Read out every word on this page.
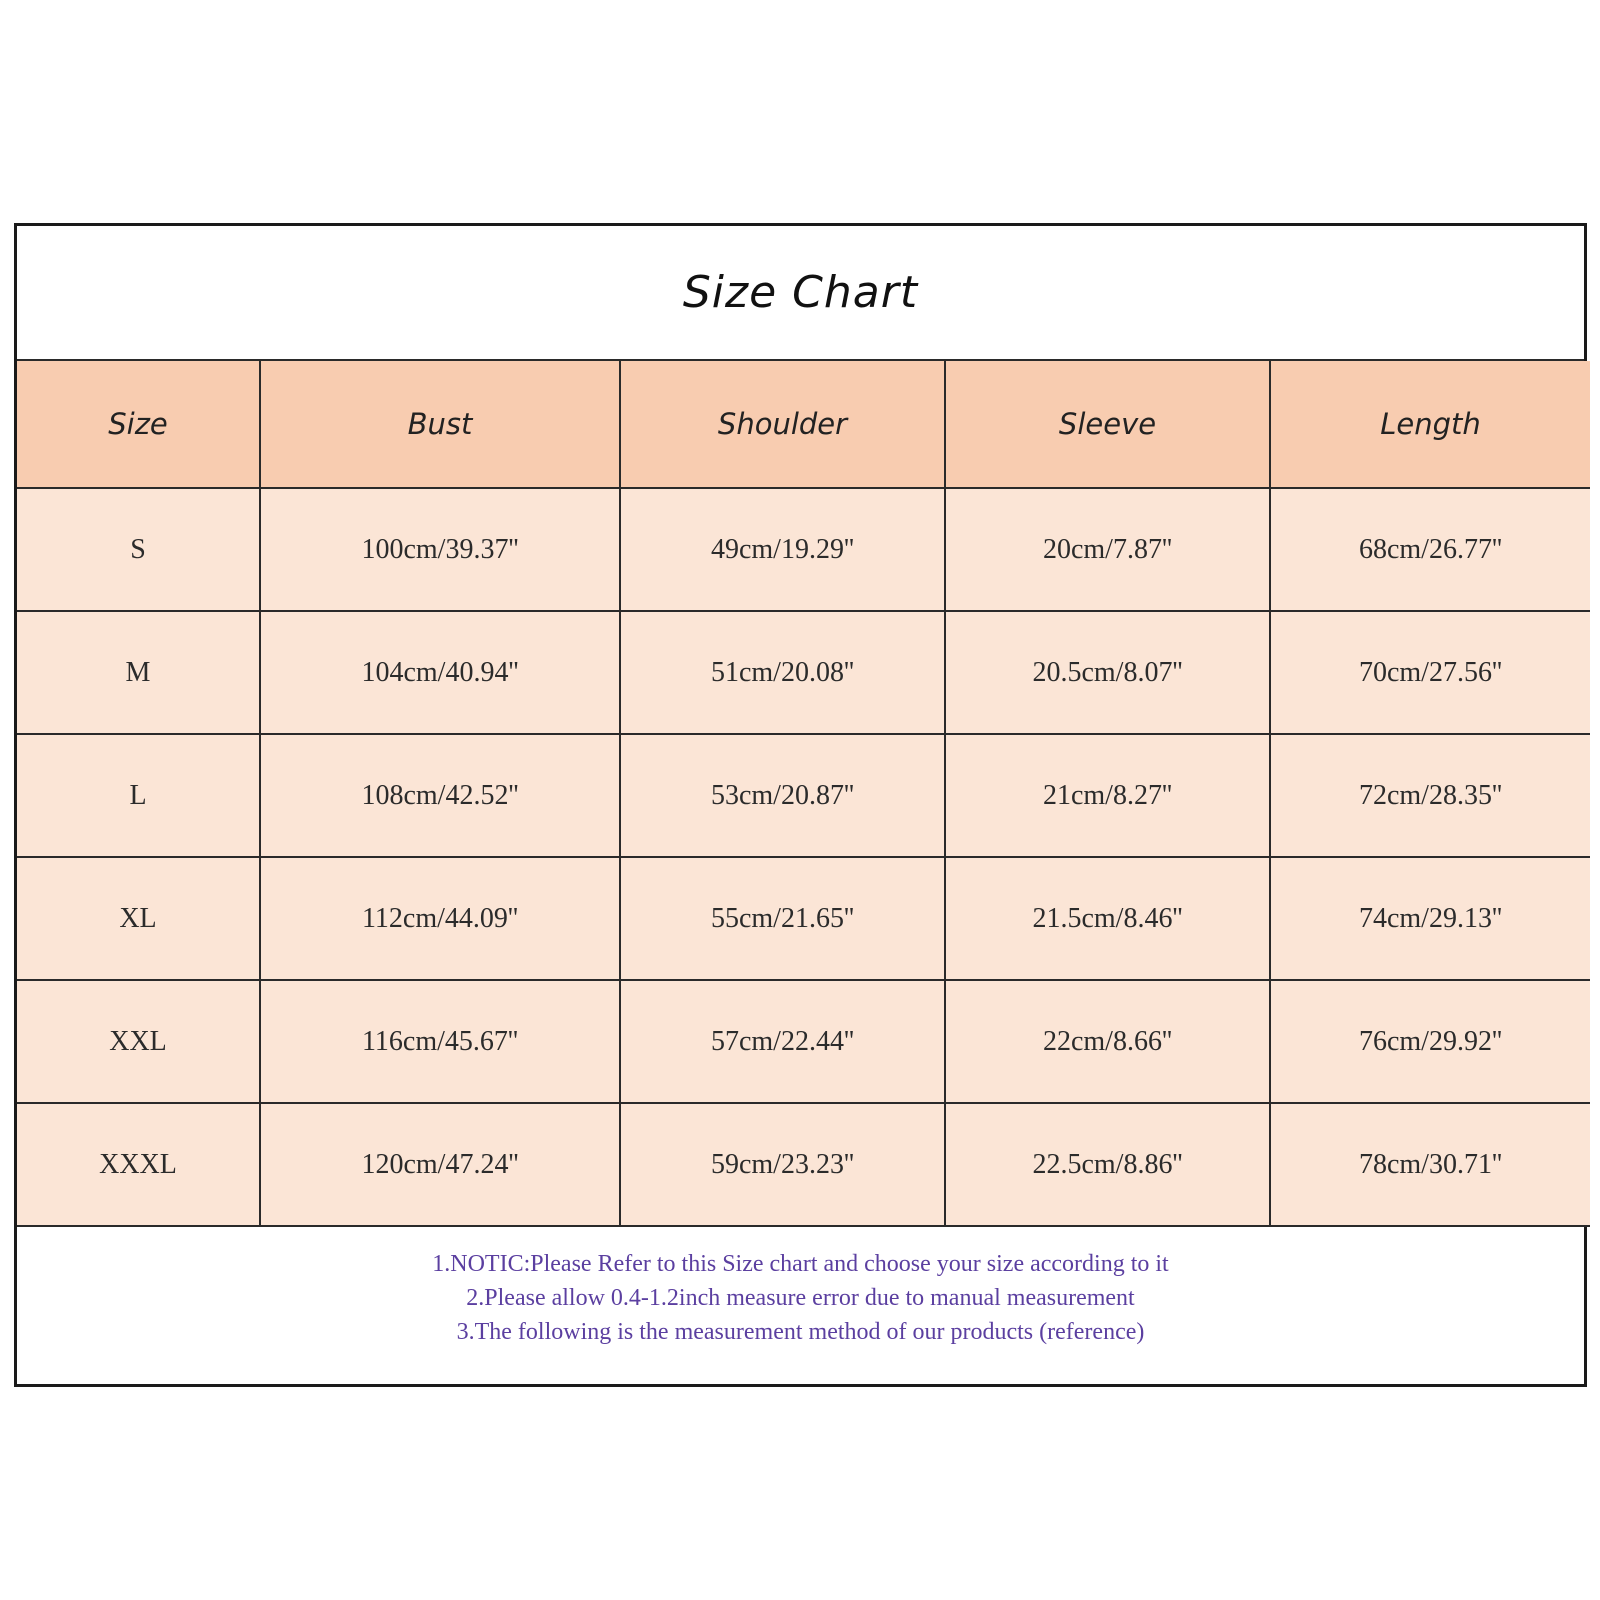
Size Chart
Size	Bust	Shoulder	Sleeve	Length
S	100cm/39.37''	49cm/19.29''	20cm/7.87''	68cm/26.77''
M	104cm/40.94''	51cm/20.08''	20.5cm/8.07''	70cm/27.56''
L	108cm/42.52''	53cm/20.87''	21cm/8.27''	72cm/28.35''
XL	112cm/44.09''	55cm/21.65''	21.5cm/8.46''	74cm/29.13''
XXL	116cm/45.67''	57cm/22.44''	22cm/8.66''	76cm/29.92''
XXXL	120cm/47.24''	59cm/23.23''	22.5cm/8.86''	78cm/30.71''
1.NOTIC:Please Refer to this Size chart and choose your size according to it
2.Please allow 0.4-1.2inch measure error due to manual measurement
3.The following is the measurement method of our products (reference)
